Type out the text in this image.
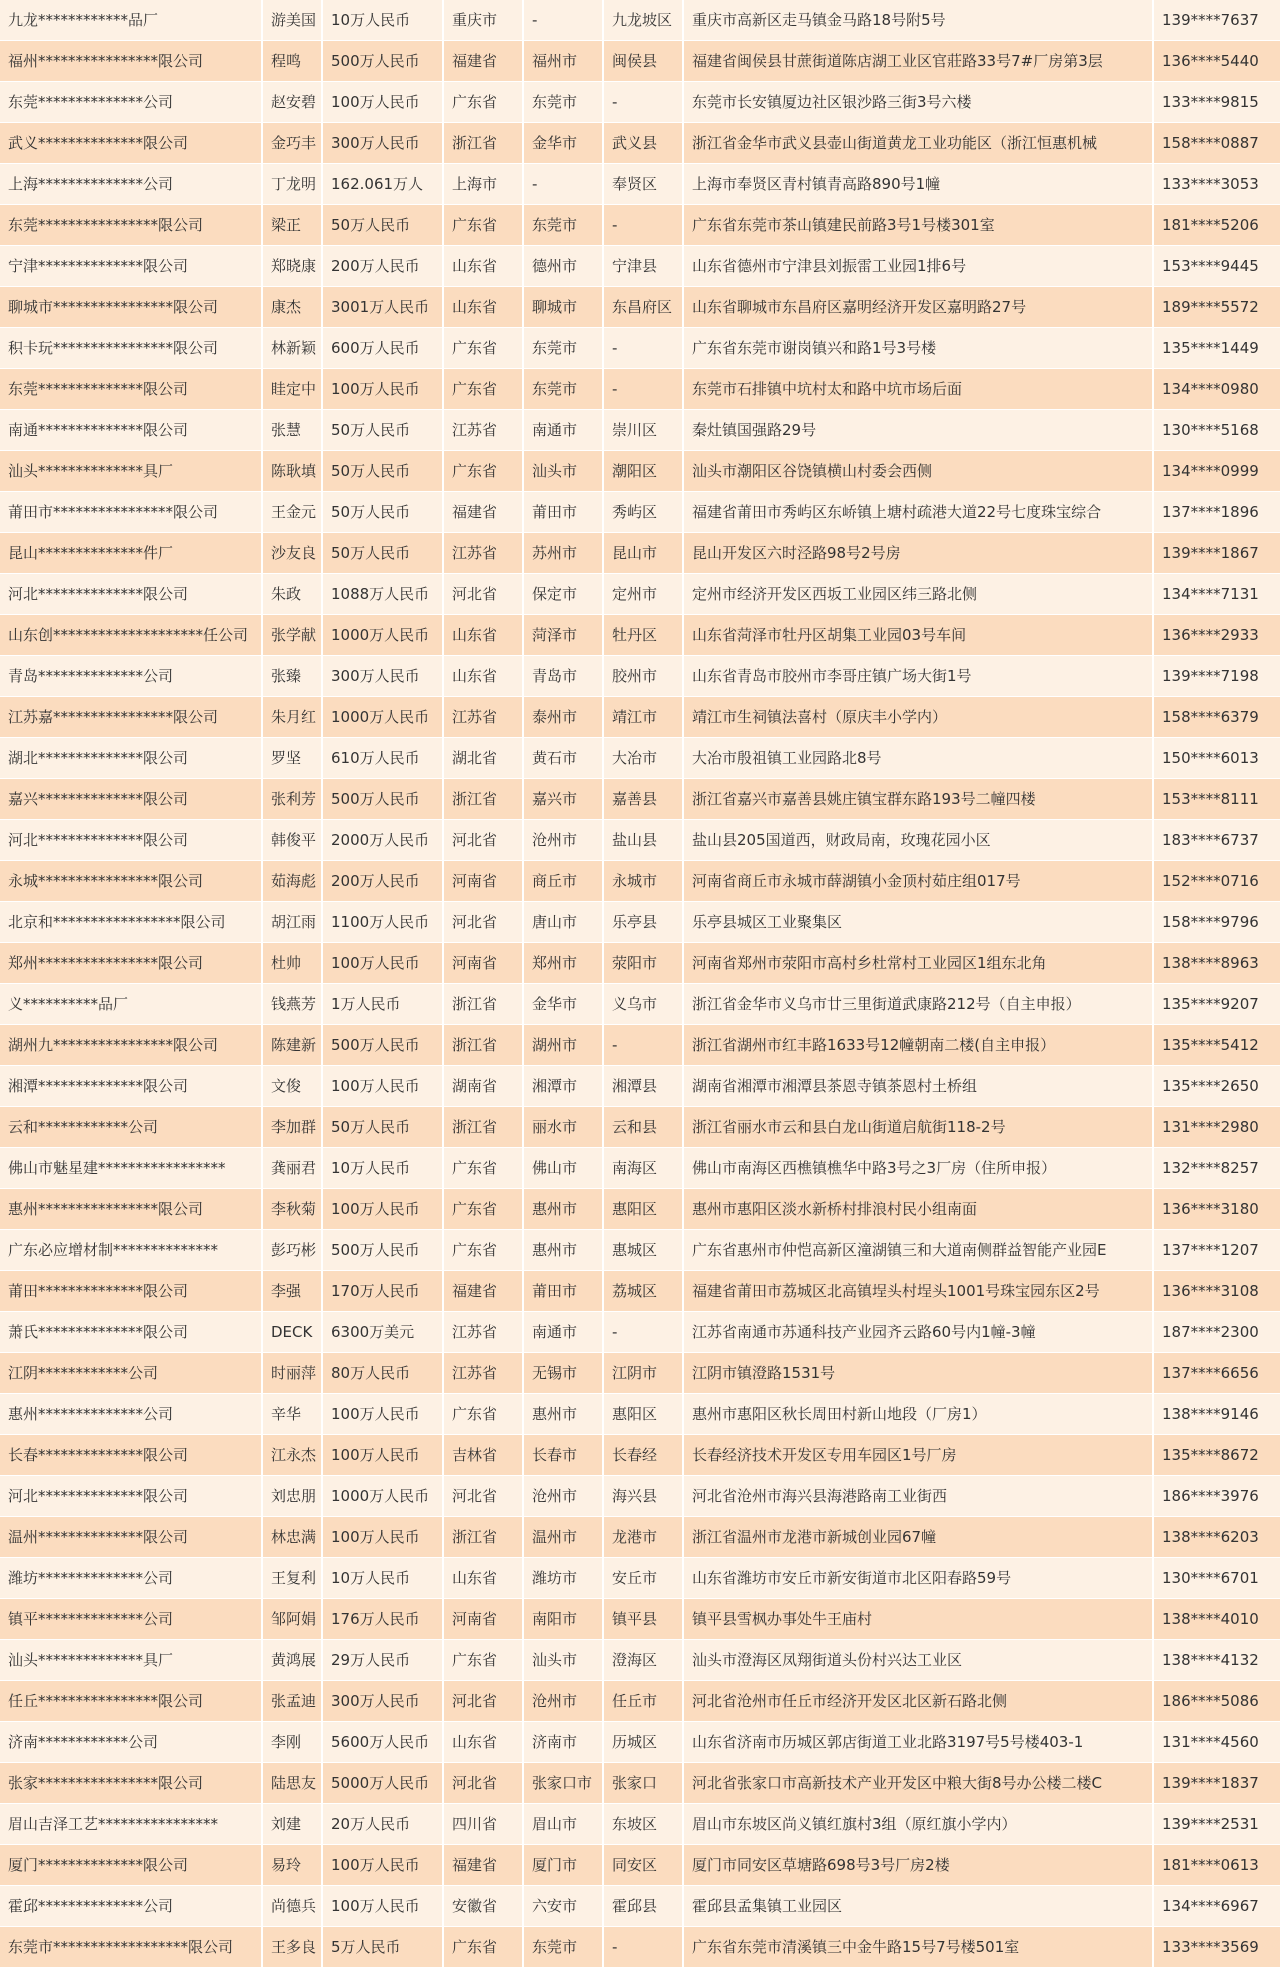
九龙************品厂	游美国	10万人民币	重庆市	-	九龙坡区	重庆市高新区走马镇金马路18号附5号	139****7637
福州****************限公司	程鸣	500万人民币	福建省	福州市	闽侯县	福建省闽侯县甘蔗街道陈店湖工业区官莊路33号7#厂房第3层	136****5440
东莞**************公司	赵安碧	100万人民币	广东省	东莞市	-	东莞市长安镇厦边社区银沙路三街3号六楼	133****9815
武义**************限公司	金巧丰	300万人民币	浙江省	金华市	武义县	浙江省金华市武义县壶山街道黄龙工业功能区（浙江恒惠机械	158****0887
上海**************公司	丁龙明	162.061万人	上海市	-	奉贤区	上海市奉贤区青村镇青高路890号1幢	133****3053
东莞****************限公司	梁正	50万人民币	广东省	东莞市	-	广东省东莞市茶山镇建民前路3号1号楼301室	181****5206
宁津**************限公司	郑晓康	200万人民币	山东省	德州市	宁津县	山东省德州市宁津县刘振雷工业园1排6号	153****9445
聊城市****************限公司	康杰	3001万人民币	山东省	聊城市	东昌府区	山东省聊城市东昌府区嘉明经济开发区嘉明路27号	189****5572
积卡玩****************限公司	林新颖	600万人民币	广东省	东莞市	-	广东省东莞市谢岗镇兴和路1号3号楼	135****1449
东莞**************限公司	眭定中	100万人民币	广东省	东莞市	-	东莞市石排镇中坑村太和路中坑市场后面	134****0980
南通**************限公司	张慧	50万人民币	江苏省	南通市	崇川区	秦灶镇国强路29号	130****5168
汕头**************具厂	陈耿填	50万人民币	广东省	汕头市	潮阳区	汕头市潮阳区谷饶镇横山村委会西侧	134****0999
莆田市****************限公司	王金元	50万人民币	福建省	莆田市	秀屿区	福建省莆田市秀屿区东峤镇上塘村疏港大道22号七度珠宝综合	137****1896
昆山**************件厂	沙友良	50万人民币	江苏省	苏州市	昆山市	昆山开发区六时泾路98号2号房	139****1867
河北**************限公司	朱政	1088万人民币	河北省	保定市	定州市	定州市经济开发区西坂工业园区纬三路北侧	134****7131
山东创********************任公司	张学献	1000万人民币	山东省	菏泽市	牡丹区	山东省菏泽市牡丹区胡集工业园03号车间	136****2933
青岛**************公司	张臻	300万人民币	山东省	青岛市	胶州市	山东省青岛市胶州市李哥庄镇广场大街1号	139****7198
江苏嘉****************限公司	朱月红	1000万人民币	江苏省	泰州市	靖江市	靖江市生祠镇法喜村（原庆丰小学内）	158****6379
湖北**************限公司	罗坚	610万人民币	湖北省	黄石市	大冶市	大冶市殷祖镇工业园路北8号	150****6013
嘉兴**************限公司	张利芳	500万人民币	浙江省	嘉兴市	嘉善县	浙江省嘉兴市嘉善县姚庄镇宝群东路193号二幢四楼	153****8111
河北**************限公司	韩俊平	2000万人民币	河北省	沧州市	盐山县	盐山县205国道西，财政局南，玫瑰花园小区	183****6737
永城****************限公司	茹海彪	200万人民币	河南省	商丘市	永城市	河南省商丘市永城市薛湖镇小金顶村茹庄组017号	152****0716
北京和*****************限公司	胡江雨	1100万人民币	河北省	唐山市	乐亭县	乐亭县城区工业聚集区	158****9796
郑州****************限公司	杜帅	100万人民币	河南省	郑州市	荥阳市	河南省郑州市荥阳市高村乡杜常村工业园区1组东北角	138****8963
义**********品厂	钱燕芳	1万人民币	浙江省	金华市	义乌市	浙江省金华市义乌市廿三里街道武康路212号（自主申报）	135****9207
湖州九****************限公司	陈建新	500万人民币	浙江省	湖州市	-	浙江省湖州市红丰路1633号12幢朝南二楼(自主申报）	135****5412
湘潭**************限公司	文俊	100万人民币	湖南省	湘潭市	湘潭县	湖南省湘潭市湘潭县茶恩寺镇茶恩村土桥组	135****2650
云和************公司	李加群	50万人民币	浙江省	丽水市	云和县	浙江省丽水市云和县白龙山街道启航街118-2号	131****2980
佛山市魅星建*****************	龚丽君	10万人民币	广东省	佛山市	南海区	佛山市南海区西樵镇樵华中路3号之3厂房（住所申报）	132****8257
惠州****************限公司	李秋菊	100万人民币	广东省	惠州市	惠阳区	惠州市惠阳区淡水新桥村排浪村民小组南面	136****3180
广东必应增材制**************	彭巧彬	500万人民币	广东省	惠州市	惠城区	广东省惠州市仲恺高新区潼湖镇三和大道南侧群益智能产业园E	137****1207
莆田**************限公司	李强	170万人民币	福建省	莆田市	荔城区	福建省莆田市荔城区北高镇埕头村埕头1001号珠宝园东区2号	136****3108
萧氏**************限公司	DECK	6300万美元	江苏省	南通市	-	江苏省南通市苏通科技产业园齐云路60号内1幢-3幢	187****2300
江阴************公司	时丽萍	80万人民币	江苏省	无锡市	江阴市	江阴市镇澄路1531号	137****6656
惠州**************公司	辛华	100万人民币	广东省	惠州市	惠阳区	惠州市惠阳区秋长周田村新山地段（厂房1）	138****9146
长春**************限公司	江永杰	100万人民币	吉林省	长春市	长春经	长春经济技术开发区专用车园区1号厂房	135****8672
河北**************限公司	刘忠朋	1000万人民币	河北省	沧州市	海兴县	河北省沧州市海兴县海港路南工业街西	186****3976
温州**************限公司	林忠满	100万人民币	浙江省	温州市	龙港市	浙江省温州市龙港市新城创业园67幢	138****6203
潍坊**************公司	王复利	10万人民币	山东省	潍坊市	安丘市	山东省潍坊市安丘市新安街道市北区阳春路59号	130****6701
镇平**************公司	邹阿娟	176万人民币	河南省	南阳市	镇平县	镇平县雪枫办事处牛王庙村	138****4010
汕头**************具厂	黄鸿展	29万人民币	广东省	汕头市	澄海区	汕头市澄海区凤翔街道头份村兴达工业区	138****4132
任丘****************限公司	张孟迪	300万人民币	河北省	沧州市	任丘市	河北省沧州市任丘市经济开发区北区新石路北侧	186****5086
济南************公司	李刚	5600万人民币	山东省	济南市	历城区	山东省济南市历城区郭店街道工业北路3197号5号楼403-1	131****4560
张家****************限公司	陆思友	5000万人民币	河北省	张家口市	张家口	河北省张家口市高新技术产业开发区中粮大街8号办公楼二楼C	139****1837
眉山吉泽工艺****************	刘建	20万人民币	四川省	眉山市	东坡区	眉山市东坡区尚义镇红旗村3组（原红旗小学内）	139****2531
厦门**************限公司	易玲	100万人民币	福建省	厦门市	同安区	厦门市同安区草塘路698号3号厂房2楼	181****0613
霍邱**************公司	尚德兵	100万人民币	安徽省	六安市	霍邱县	霍邱县孟集镇工业园区	134****6967
东莞市******************限公司	王多良	5万人民币	广东省	东莞市	-	广东省东莞市清溪镇三中金牛路15号7号楼501室	133****3569
